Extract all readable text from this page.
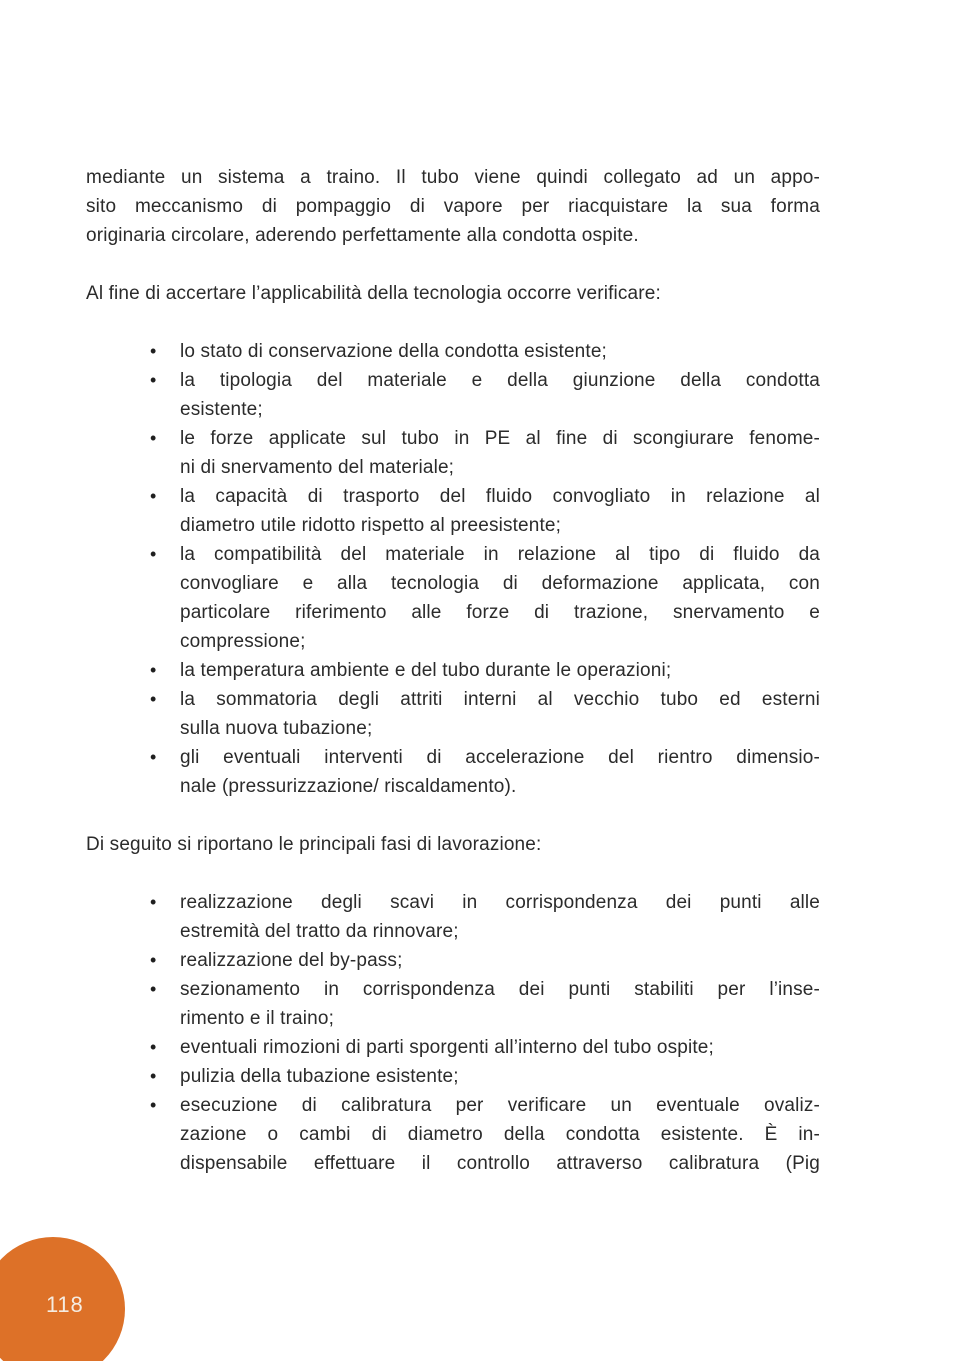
mediante un sistema a traino. Il tubo viene quindi collegato ad un appo-
sito meccanismo di pompaggio di vapore per riacquistare la sua forma
originaria circolare, aderendo perfettamente alla condotta ospite.
Al fine di accertare l’applicabilità della tecnologia occorre verificare:
•	lo stato di conservazione della condotta esistente;
•	la tipologia del materiale e della giunzione della condotta
esistente;
•	le forze applicate sul tubo in PE al fine di scongiurare fenome-
ni di snervamento del materiale;
•	la capacità di trasporto del fluido convogliato in relazione al
diametro utile ridotto rispetto al preesistente;
•	la compatibilità del materiale in relazione al tipo di fluido da
convogliare e alla tecnologia di deformazione applicata, con
particolare riferimento alle forze di trazione, snervamento e
compressione;
•	la temperatura ambiente e del tubo durante le operazioni;
•	la sommatoria degli attriti interni al vecchio tubo ed esterni
sulla nuova tubazione;
•	gli eventuali interventi di accelerazione del rientro dimensio-
nale (pressurizzazione/ riscaldamento).
Di seguito si riportano le principali fasi di lavorazione:
•	realizzazione degli scavi in corrispondenza dei punti alle
estremità del tratto da rinnovare;
•	realizzazione del by-pass;
•	sezionamento in corrispondenza dei punti stabiliti per l’inse-
rimento e il traino;
•	eventuali rimozioni di parti sporgenti all’interno del tubo ospite;
•	pulizia della tubazione esistente;
•	esecuzione di calibratura per verificare un eventuale ovaliz-
zazione o cambi di diametro della condotta esistente. È in-
dispensabile effettuare il controllo attraverso calibratura (Pig
118
